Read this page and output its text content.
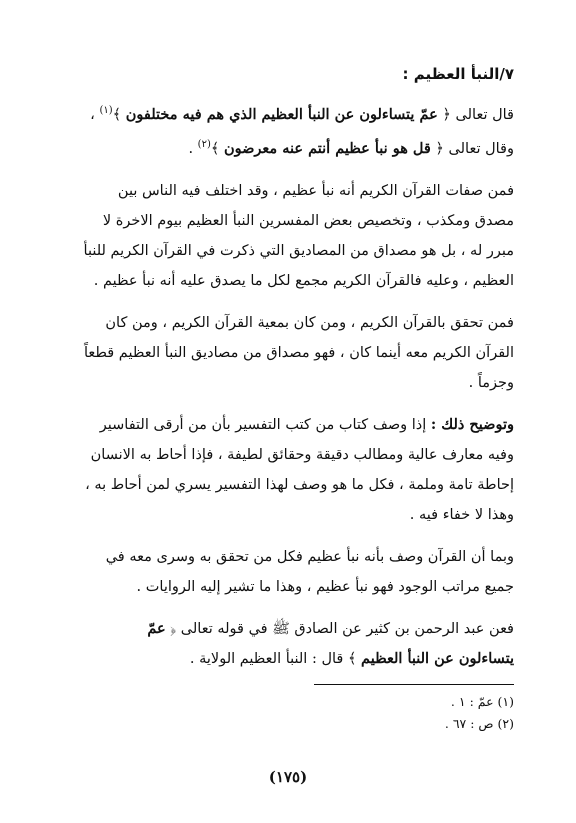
٧/النبأ العظيم :
قال تعالى ﴿ عمّ يتساءلون عن النبأ العظيم الذي هم فيه مختلفون ﴾$^{(١)}$ ،
وقال تعالى ﴿ قل هو نبأ عظيم أنتم عنه معرضون ﴾$^{(٢)}$ .
فمن صفات القرآن الكريم أنه نبأ عظيم ، وقد اختلف فيه الناس بين
مصدق ومكذب ، وتخصيص بعض المفسرين النبأ العظيم بيوم الاخرة لا
مبرر له ، بل هو مصداق من المصاديق التي ذكرت في القرآن الكريم للنبأ
العظيم ، وعليه فالقرآن الكريم مجمع لكل ما يصدق عليه أنه نبأ عظيم .
فمن تحقق بالقرآن الكريم ، ومن كان بمعية القرآن الكريم ، ومن كان
القرآن الكريم معه أينما كان ، فهو مصداق من مصاديق النبأ العظيم قطعاً
وجزماً .
وتوضيح ذلك : إذا وصف كتاب من كتب التفسير بأن من أرقى التفاسير
وفيه معارف عالية ومطالب دقيقة وحقائق لطيفة ، فإذا أحاط به الانسان
إحاطة تامة وملمة ، فكل ما هو وصف لهذا التفسير يسري لمن أحاط به ،
وهذا لا خفاء فيه .
وبما أن القرآن وصف بأنه نبأ عظيم فكل من تحقق به وسرى معه في
جميع مراتب الوجود فهو نبأ عظيم ، وهذا ما تشير إليه الروايات .
فعن عبد الرحمن بن كثير عن الصادق ﷺ في قوله تعالى ﴿ عمّ
يتساءلون عن النبأ العظيم ﴾ قال : النبأ العظيم الولاية .
(١) عمّ : ١ .
(٢) ص : ٦٧ .
(١٧٥)
